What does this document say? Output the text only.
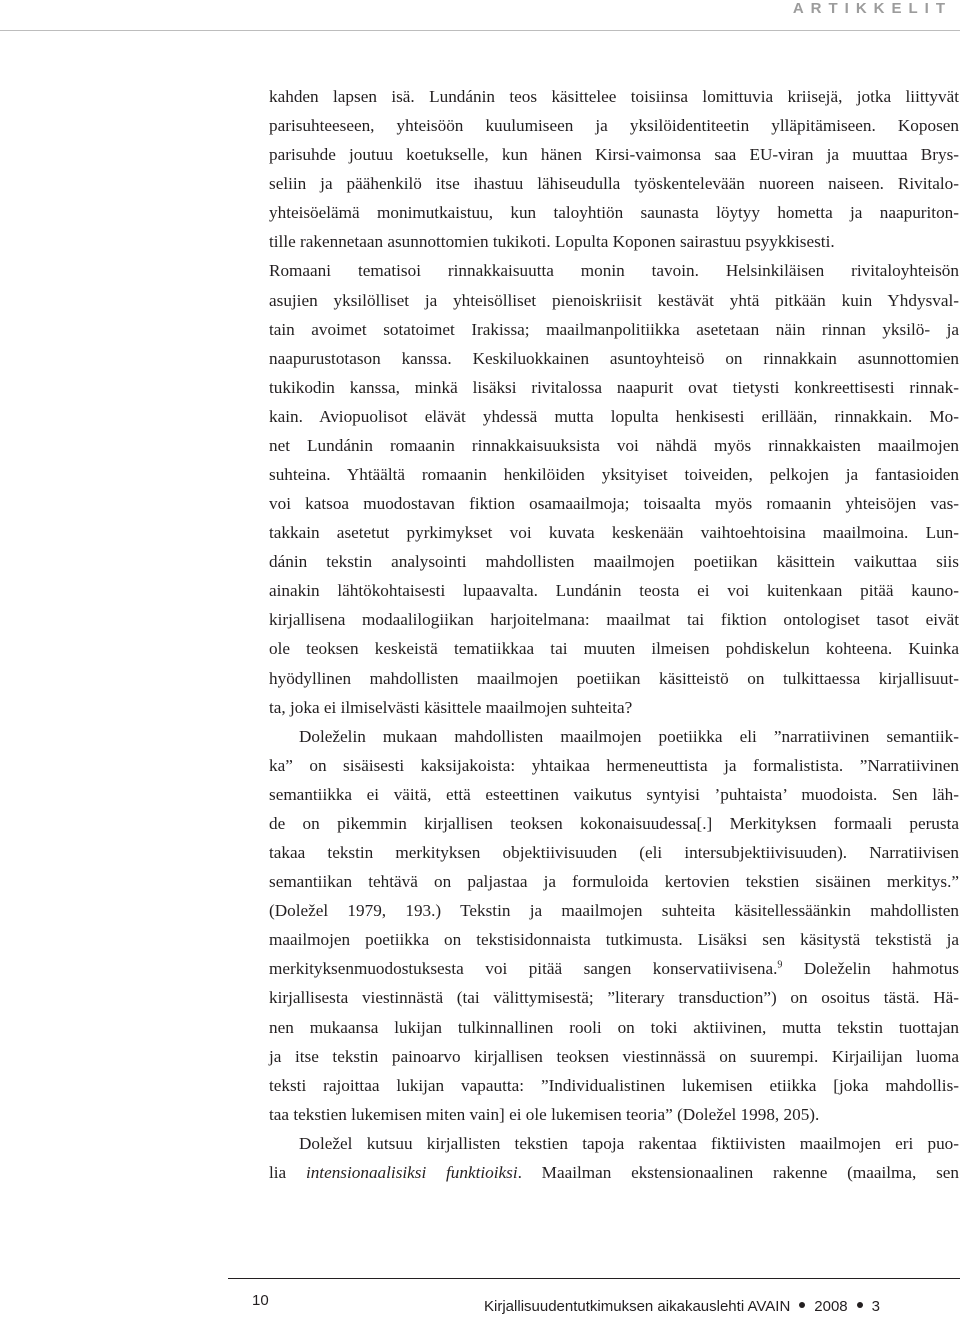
ARTIKKELIT
kahden lapsen isä. Lundánin teos käsittelee toisiinsa lomittuvia kriisejä, jotka liittyvät
parisuhteeseen, yhteisöön kuulumiseen ja yksilöidentiteetin ylläpitämiseen. Koposen
parisuhde joutuu koetukselle, kun hänen Kirsi-vaimonsa saa EU-viran ja muuttaa Brys-
seliin ja päähenkilö itse ihastuu lähiseudulla työskentelevään nuoreen naiseen. Rivitalo-
yhteisöelämä monimutkaistuu, kun taloyhtiön saunasta löytyy hometta ja naapuriton-
tille rakennetaan asunnottomien tukikoti. Lopulta Koponen sairastuu psyykkisesti.
Romaani tematisoi rinnakkaisuutta monin tavoin. Helsinkiläisen rivitaloyhteisön
asujien yksilölliset ja yhteisölliset pienoiskriisit kestävät yhtä pitkään kuin Yhdysval-
tain avoimet sotatoimet Irakissa; maailmanpolitiikka asetetaan näin rinnan yksilö- ja
naapurustotason kanssa. Keskiluokkainen asuntoyhteisö on rinnakkain asunnottomien
tukikodin kanssa, minkä lisäksi rivitalossa naapurit ovat tietysti konkreettisesti rinnak-
kain. Aviopuolisot elävät yhdessä mutta lopulta henkisesti erillään, rinnakkain. Mo-
net Lundánin romaanin rinnakkaisuuksista voi nähdä myös rinnakkaisten maailmojen
suhteina. Yhtäältä romaanin henkilöiden yksityiset toiveiden, pelkojen ja fantasioiden
voi katsoa muodostavan fiktion osamaailmoja; toisaalta myös romaanin yhteisöjen vas-
takkain asetetut pyrkimykset voi kuvata keskenään vaihtoehtoisina maailmoina. Lun-
dánin tekstin analysointi mahdollisten maailmojen poetiikan käsittein vaikuttaa siis
ainakin lähtökohtaisesti lupaavalta. Lundánin teosta ei voi kuitenkaan pitää kauno-
kirjallisena modaalilogiikan harjoitelmana: maailmat tai fiktion ontologiset tasot eivät
ole teoksen keskeistä tematiikkaa tai muuten ilmeisen pohdiskelun kohteena. Kuinka
hyödyllinen mahdollisten maailmojen poetiikan käsitteistö on tulkittaessa kirjallisuut-
ta, joka ei ilmiselvästi käsittele maailmojen suhteita?
Doleželin mukaan mahdollisten maailmojen poetiikka eli ”narratiivinen semantiik-
ka” on sisäisesti kaksijakoista: yhtaikaa hermeneuttista ja formalistista. ”Narratiivinen
semantiikka ei väitä, että esteettinen vaikutus syntyisi ’puhtaista’ muodoista. Sen läh-
de on pikemmin kirjallisen teoksen kokonaisuudessa[.] Merkityksen formaali perusta
takaa tekstin merkityksen objektiivisuuden (eli intersubjektiivisuuden). Narratiivisen
semantiikan tehtävä on paljastaa ja formuloida kertovien tekstien sisäinen merkitys.”
(Doležel 1979, 193.) Tekstin ja maailmojen suhteita käsitellessäänkin mahdollisten
maailmojen poetiikka on tekstisidonnaista tutkimusta. Lisäksi sen käsitystä tekstistä ja
merkityksenmuodostuksesta voi pitää sangen konservatiivisena.$^9$ Doleželin hahmotus
kirjallisesta viestinnästä (tai välittymisestä; ”literary transduction”) on osoitus tästä. Hä-
nen mukaansa lukijan tulkinnallinen rooli on toki aktiivinen, mutta tekstin tuottajan
ja itse tekstin painoarvo kirjallisen teoksen viestinnässä on suurempi. Kirjailijan luoma
teksti rajoittaa lukijan vapautta: ”Individualistinen lukemisen etiikka [joka mahdollis-
taa tekstien lukemisen miten vain] ei ole lukemisen teoria” (Doležel 1998, 205).
Doležel kutsuu kirjallisten tekstien tapoja rakentaa fiktiivisten maailmojen eri puo-
lia intensionaalisiksi funktioiksi. Maailman ekstensionaalinen rakenne (maailma, sen
10	Kirjallisuudentutkimuksen aikakauslehti AVAIN 2008 3
